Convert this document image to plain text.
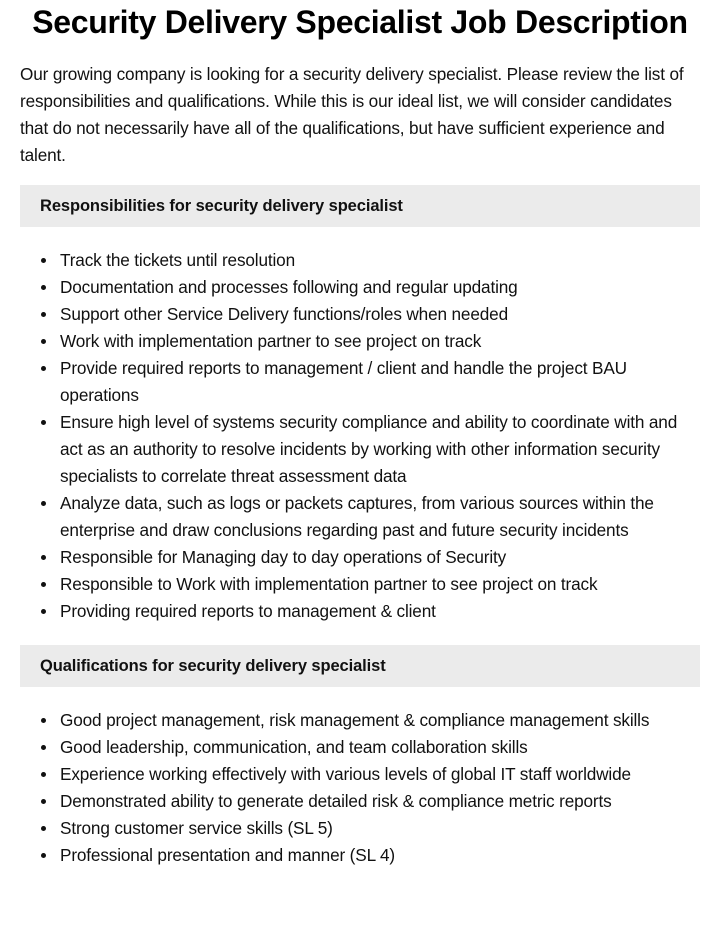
Security Delivery Specialist Job Description

Our growing company is looking for a security delivery specialist. Please review the list of responsibilities and qualifications. While this is our ideal list, we will consider candidates that do not necessarily have all of the qualifications, but have sufficient experience and talent.

Responsibilities for security delivery specialist
Track the tickets until resolution
Documentation and processes following and regular updating
Support other Service Delivery functions/roles when needed
Work with implementation partner to see project on track
Provide required reports to management / client and handle the project BAU operations
Ensure high level of systems security compliance and ability to coordinate with and act as an authority to resolve incidents by working with other information security specialists to correlate threat assessment data
Analyze data, such as logs or packets captures, from various sources within the enterprise and draw conclusions regarding past and future security incidents
Responsible for Managing day to day operations of Security
Responsible to Work with implementation partner to see project on track
Providing required reports to management & client
Qualifications for security delivery specialist
Good project management, risk management & compliance management skills
Good leadership, communication, and team collaboration skills
Experience working effectively with various levels of global IT staff worldwide
Demonstrated ability to generate detailed risk & compliance metric reports
Strong customer service skills (SL 5)
Professional presentation and manner (SL 4)
